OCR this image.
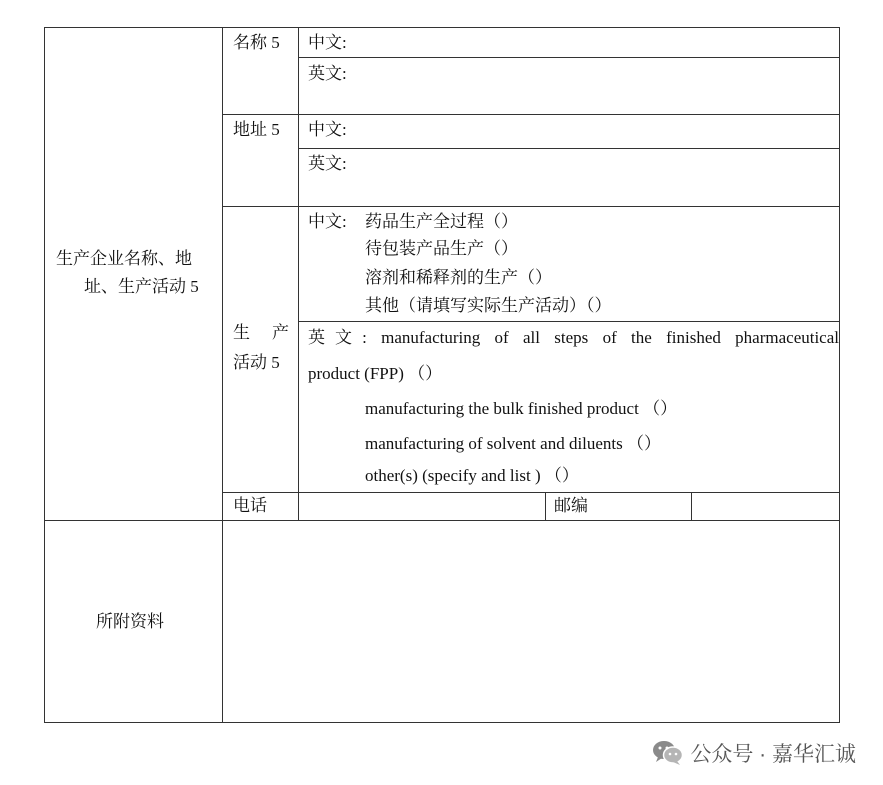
生产企业名称、地
址、生产活动 5
名称 5 中文:
英文:
地址 5 中文:
英文:
生 产
活动 5
中文: 药品生产全过程（）
待包装产品生产（）
溶剂和稀释剂的生产（）
其他（请填写实际生产活动）（）
英文: manufacturing of all steps of the finished pharmaceutical
product (FPP) （）
manufacturing the bulk finished product （）
manufacturing of solvent and diluents （）
other(s) (specify and list ) （）
电话	邮编
所附资料
公众号 · 嘉华汇诚
